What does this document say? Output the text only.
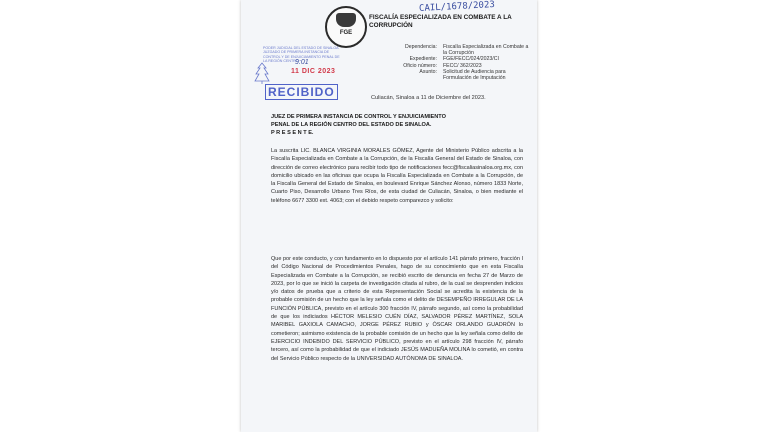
CAIL/1678/2023
FGE
FISCALÍA ESPECIALIZADA EN COMBATE A LA CORRUPCIÓN
Dependencia:	Fiscalía Especializada en Combate a la Corrupción
Expediente:	FGE/FECC/024/2023/CI
Oficio número:	FECC/ 362/2023
Asunto:	Solicitud de Audiencia para Formulación de Imputación
PODER JUDICIAL DEL ESTADO DE SINALOA JUZGADO DE PRIMERA INSTANCIA DE CONTROL Y DE ENJUICIAMIENTO PENAL DE LA REGIÓN CENTRO
9:01
11 DIC 2023
RECIBIDO	Culiacán, Sinaloa a 11 de Diciembre del 2023.
JUEZ DE PRIMERA INSTANCIA DE CONTROL Y ENJUICIAMIENTO
PENAL DE LA REGIÓN CENTRO DEL ESTADO DE SINALOA.
P R E S E N T E.
La suscrita LIC. BLANCA VIRGINIA MORALES GÓMEZ, Agente del Ministerio Público adscrita a la Fiscalía Especializada en Combate a la Corrupción, de la Fiscalía General del Estado de Sinaloa, con dirección de correo electrónico para recibir todo tipo de notificaciones fecc@fiscaliasinaloa.org.mx, con domicilio ubicado en las oficinas que ocupa la Fiscalía Especializada en Combate a la Corrupción, de la Fiscalía General del Estado de Sinaloa, en boulevard Enrique Sánchez Alonso, número 1833 Norte, Cuarto Piso, Desarrollo Urbano Tres Ríos, de esta ciudad de Culiacán, Sinaloa, o bien mediante el teléfono 6677 3300 ext. 4063; con el debido respeto comparezco y solicito:
Que por este conducto, y con fundamento en lo dispuesto por el artículo 141 párrafo primero, fracción I del Código Nacional de Procedimientos Penales, hago de su conocimiento que en esta Fiscalía Especializada en Combate a la Corrupción, se recibió escrito de denuncia en fecha 27 de Marzo de 2023, por lo que se inició la carpeta de investigación citada al rubro, de la cual se desprenden indicios y/o datos de prueba que a criterio de esta Representación Social se acredita la existencia de la probable comisión de un hecho que la ley señala como el delito de DESEMPEÑO IRREGULAR DE LA FUNCIÓN PÚBLICA, previsto en el artículo 300 fracción IV, párrafo segundo, así como la probabilidad de que los indiciados HÉCTOR MELESIO CUÉN DÍAZ, SALVADOR PÉREZ MARTÍNEZ, SOLA MARIBEL GAXIOLA CAMACHO, JORGE PÉREZ RUBIO y ÓSCAR ORLANDO GUADRÓN lo cometieron; asimismo existencia de la probable comisión de un hecho que la ley señala como delito de EJERCICIO INDEBIDO DEL SERVICIO PÚBLICO, previsto en el artículo 298 fracción IV, párrafo tercero, así como la probabilidad de que el indiciado JESÚS MADUEÑA MOLINA lo cometió, en contra del Servicio Público respecto de la UNIVERSIDAD AUTÓNOMA DE SINALOA.
